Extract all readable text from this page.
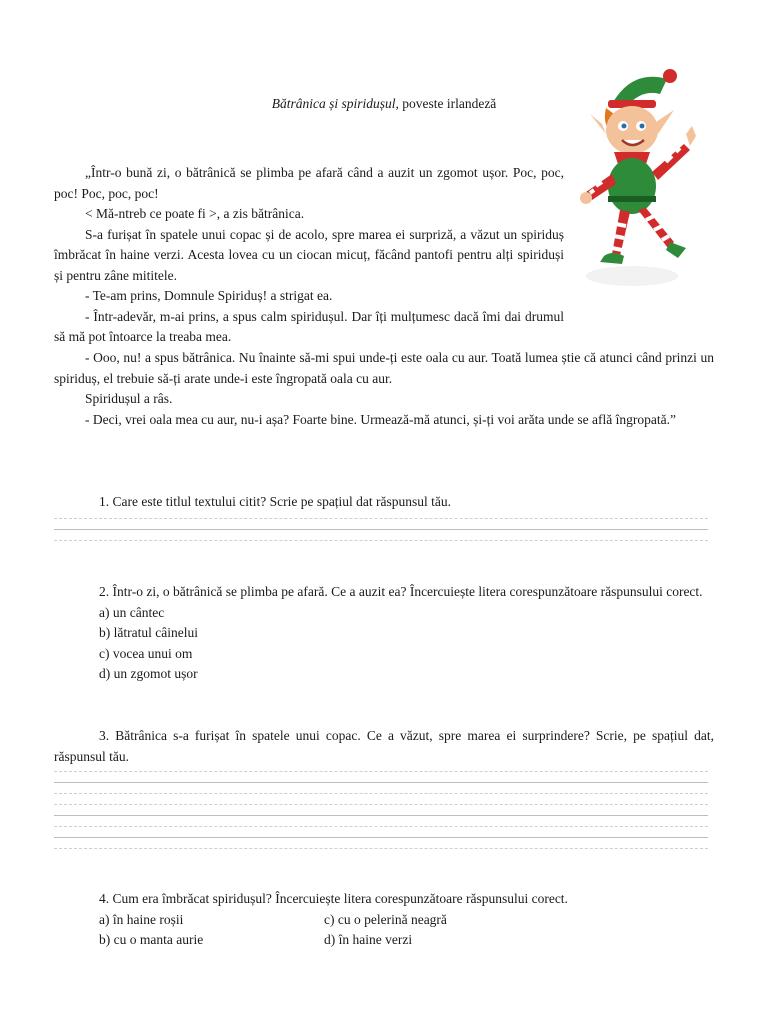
Bătrânica și spiridușul, poveste irlandeză

„Într-o bună zi, o bătrânică se plimba pe afară când a auzit un zgomot ușor. Poc, poc, poc! Poc, poc, poc!

< Mă-ntreb ce poate fi >, a zis bătrânica.

S-a furișat în spatele unui copac și de acolo, spre marea ei surpriză, a văzut un spiriduș îmbrăcat în haine verzi. Acesta lovea cu un ciocan micuț, făcând pantofi pentru alți spiriduși și pentru zâne mititele.

- Te-am prins, Domnule Spiriduș! a strigat ea.

- Într-adevăr, m-ai prins, a spus calm spiridușul. Dar îți mulțumesc dacă îmi dai drumul să mă pot întoarce la treaba mea.

- Ooo, nu! a spus bătrânica. Nu înainte să-mi spui unde-ți este oala cu aur. Toată lumea știe că atunci când prinzi un spiriduș, el trebuie să-ți arate unde-i este îngropată oala cu aur.

Spiridușul a râs.

- Deci, vrei oala mea cu aur, nu-i așa? Foarte bine. Urmează-mă atunci, și-ți voi arăta unde se află îngropată.”

1. Care este titlul textului citit? Scrie pe spațiul dat răspunsul tău.

2. Într-o zi, o bătrânică se plimba pe afară. Ce a auzit ea? Încercuiește litera corespunzătoare răspunsului corect.

a) un cântec
b) lătratul câinelui
c) vocea unui om
d) un zgomot ușor

3. Bătrânica s-a furișat în spatele unui copac. Ce a văzut, spre marea ei surprindere? Scrie, pe spațiul dat, răspunsul tău.

4. Cum era îmbrăcat spiridușul? Încercuiește litera corespunzătoare răspunsului corect.

a) în haine roșii	c) cu o pelerină neagră
b) cu o manta aurie	d) în haine verzi
